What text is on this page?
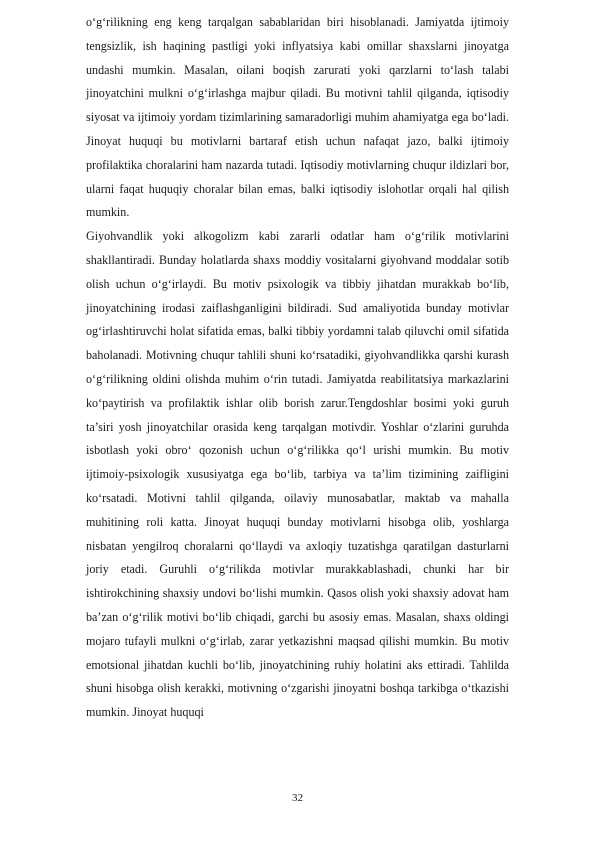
o‘g‘rilikning eng keng tarqalgan sabablaridan biri hisoblanadi. Jamiyatda ijtimoiy tengsizlik, ish haqining pastligi yoki inflyatsiya kabi omillar shaxslarni jinoyatga undashi mumkin. Masalan, oilani boqish zarurati yoki qarzlarni to‘lash talabi jinoyatchini mulkni o‘g‘irlashga majbur qiladi. Bu motivni tahlil qilganda, iqtisodiy siyosat va ijtimoiy yordam tizimlarining samaradorligi muhim ahamiyatga ega bo‘ladi. Jinoyat huquqi bu motivlarni bartaraf etish uchun nafaqat jazo, balki ijtimoiy profilaktika choralarini ham nazarda tutadi. Iqtisodiy motivlarning chuqur ildizlari bor, ularni faqat huquqiy choralar bilan emas, balki iqtisodiy islohotlar orqali hal qilish mumkin.

Giyohvandlik yoki alkogolizm kabi zararli odatlar ham o‘g‘rilik motivlarini shakllantiradi. Bunday holatlarda shaxs moddiy vositalarni giyohvand moddalar sotib olish uchun o‘g‘irlaydi. Bu motiv psixologik va tibbiy jihatdan murakkab bo‘lib, jinoyatchining irodasi zaiflashganligini bildiradi. Sud amaliyotida bunday motivlar og‘irlashtiruvchi holat sifatida emas, balki tibbiy yordamni talab qiluvchi omil sifatida baholanadi. Motivning chuqur tahlili shuni ko‘rsatadiki, giyohvandlikka qarshi kurash o‘g‘rilikning oldini olishda muhim o‘rin tutadi. Jamiyatda reabilitatsiya markazlarini ko‘paytirish va profilaktik ishlar olib borish zarur.Tengdoshlar bosimi yoki guruh ta’siri yosh jinoyatchilar orasida keng tarqalgan motivdir. Yoshlar o‘zlarini guruhda isbotlash yoki obro‘ qozonish uchun o‘g‘rilikka qo‘l urishi mumkin. Bu motiv ijtimoiy-psixologik xususiyatga ega bo‘lib, tarbiya va ta’lim tizimining zaifligini ko‘rsatadi. Motivni tahlil qilganda, oilaviy munosabatlar, maktab va mahalla muhitining roli katta. Jinoyat huquqi bunday motivlarni hisobga olib, yoshlarga nisbatan yengilroq choralarni qo‘llaydi va axloqiy tuzatishga qaratilgan dasturlarni joriy etadi. Guruhli o‘g‘rilikda motivlar murakkablashadi, chunki har bir ishtirokchining shaxsiy undovi bo‘lishi mumkin. Qasos olish yoki shaxsiy adovat ham ba’zan o‘g‘rilik motivi bo‘lib chiqadi, garchi bu asosiy emas. Masalan, shaxs oldingi mojaro tufayli mulkni o‘g‘irlab, zarar yetkazishni maqsad qilishi mumkin. Bu motiv emotsional jihatdan kuchli bo‘lib, jinoyatchining ruhiy holatini aks ettiradi. Tahlilda shuni hisobga olish kerakki, motivning o‘zgarishi jinoyatni boshqa tarkibga o‘tkazishi mumkin. Jinoyat huquqi

32
